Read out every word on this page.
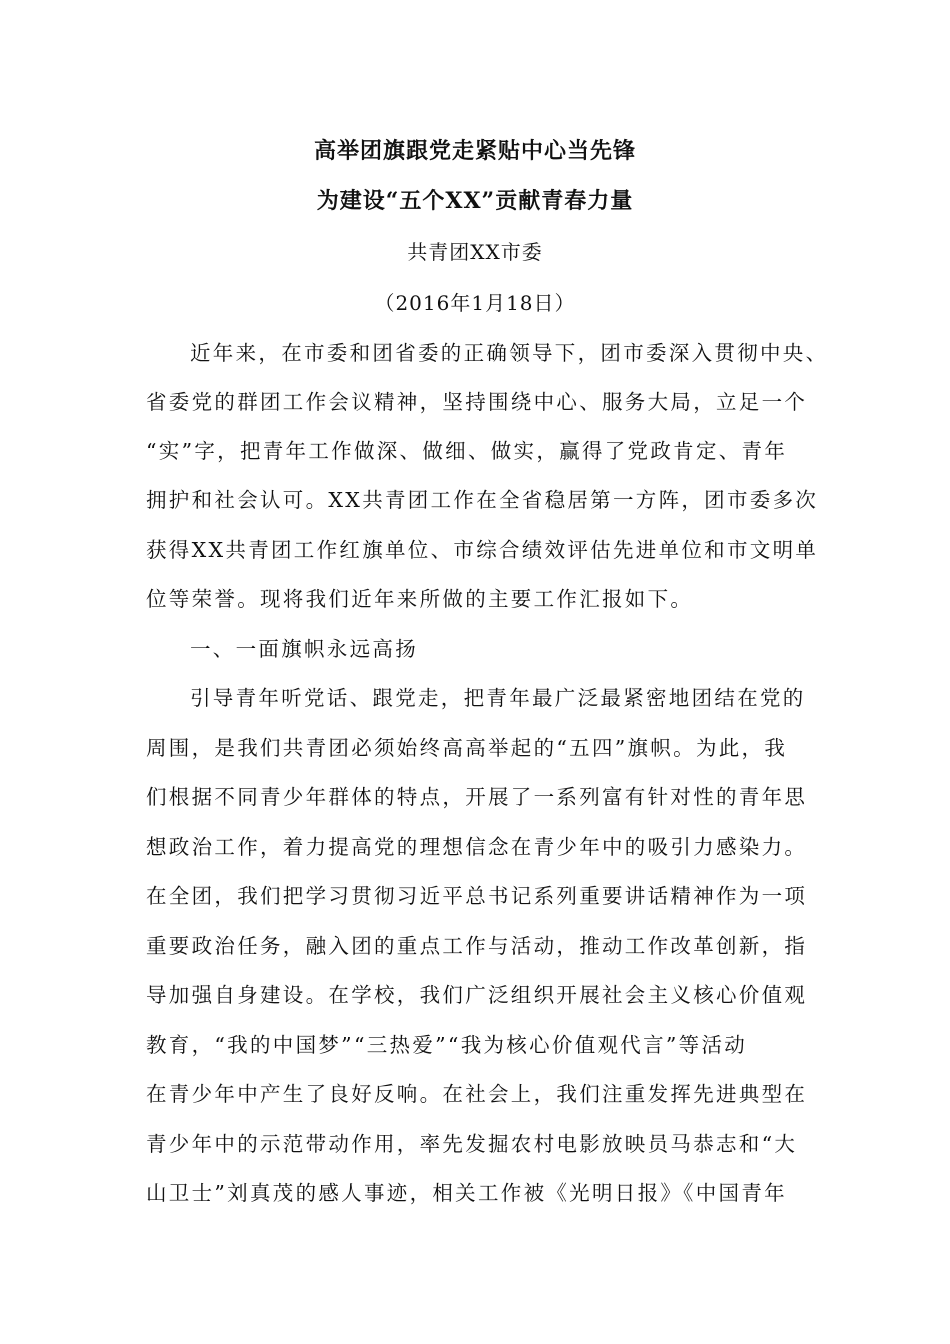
高举团旗跟党走紧贴中心当先锋
为建设“五个XX”贡献青春力量
共青团XX市委
（2016年1月18日）
近年来，在市委和团省委的正确领导下，团市委深入贯彻中央、
省委党的群团工作会议精神，坚持围绕中心、服务大局，立足一个
“实”字，把青年工作做深、做细、做实，赢得了党政肯定、青年
拥护和社会认可。XX共青团工作在全省稳居第一方阵，团市委多次
获得XX共青团工作红旗单位、市综合绩效评估先进单位和市文明单
位等荣誉。现将我们近年来所做的主要工作汇报如下。
一、一面旗帜永远高扬
引导青年听党话、跟党走，把青年最广泛最紧密地团结在党的
周围，是我们共青团必须始终高高举起的“五四”旗帜。为此，我
们根据不同青少年群体的特点，开展了一系列富有针对性的青年思
想政治工作，着力提高党的理想信念在青少年中的吸引力感染力。
在全团，我们把学习贯彻习近平总书记系列重要讲话精神作为一项
重要政治任务，融入团的重点工作与活动，推动工作改革创新，指
导加强自身建设。在学校，我们广泛组织开展社会主义核心价值观
教育，“我的中国梦”“三热爱”“我为核心价值观代言”等活动
在青少年中产生了良好反响。在社会上，我们注重发挥先进典型在
青少年中的示范带动作用，率先发掘农村电影放映员马恭志和“大
山卫士”刘真茂的感人事迹，相关工作被《光明日报》《中国青年
